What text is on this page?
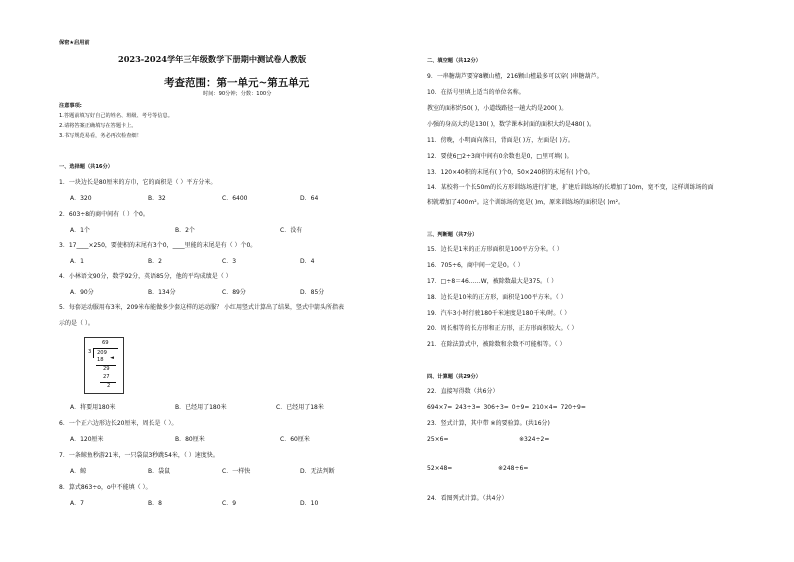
保密★启用前
2023-2024学年三年级数学下册期中测试卷人教版
考查范围：第一单元~第五单元
时间：90分钟；分数：100分
注意事项:
1.答题前填写好自己的姓名、班级、考号等信息。
2.请将答案正确填写在答题卡上。
3.书写规范易看，务必再次检查细！
一、选择题（共16分）
1．一块边长是80厘米的方巾，它的面积是（ ）平方分米。
A．320	B．32	C．6400	D．64
2．603÷8的商中间有（ ）个0。
A．1个	B．2个	C．没有
3．17____×250，要使积的末尾有3个0，____里能的末尾是有（ ）个0。
A．1	B．2	C．3	D．4
4．小林语文90分，数学92分，英语85分，他的平均成绩是（ ）
A．90分	B．134分	C．89分	D．85分
5．每套运动服用布3米，209米布能做多少套这样的运动服？ 小红用竖式计算出了结果，竖式中箭头所指表
示的是（ ）。
69
3 209
18 ◄
29
27
2
A．将要用180米	B．已经用了180米	C．已经用了18米
6．一个正六边形边长20厘米，周长是（ ）。
A．120厘米	B．80厘米	C．60厘米
7．一条鲸鱼秒游21米，一只袋鼠3秒跳54米，（ ）速度快。
A．鲸	B．袋鼠	C．一样快	D．无法判断
8．算式863÷o，o中不能填（ ）。
A．7	B．8	C．9	D．10
二、填空题（共12分）
9．一串糖葫芦要穿8颗山楂，216颗山楂最多可以穿( )串糖葫芦。
10．在括号里填上适当的单位名称。
教室的面积约50( )，小道线路径一趟大约是200( )。
小强的身高大约是130( )，数学课本封面的面积大约是480( )。
11．傍晚，小明面向落日，背面是( )方，左面是( )方。
12．要使6□2÷3商中间有0余数也是0，□里可填( )。
13．120×40积的末尾有( )个0，50×240积的末尾有( )个0。
14．某校将一个长50m的长方形训练场进行扩建，扩建后训练场的长增加了10m，宽不变，这样训练场的面
积就增加了400m²。这个训练场的宽是( )m，原来训练场的面积是( )m²。
三、判断题（共7分）
15．边长是1米的正方形面积是100平方分米。（ ）
16．705÷6，商中间一定是0。（ ）
17．□÷8＝46……W，被除数最大是375。（ ）
18．边长是10米的正方形，面积是100平方米。（ ）
19．汽车3小时行驶180千米速度是180千米/时。（ ）
20．周长相等的长方形和正方形，正方形面积较大。（ ）
21．在除法算式中，被除数和余数不可能相等。（ ）
四、计算题（共29分）
22．直接写得数（共6分）
694×7= 243÷3= 306÷3= 0÷9= 210×4= 720÷9=
23．竖式计算，其中带 ※的要验算。(共16分)
25×6=	※324÷2=
52×48=	※248÷6=
24．看图列式计算。（共4分）
